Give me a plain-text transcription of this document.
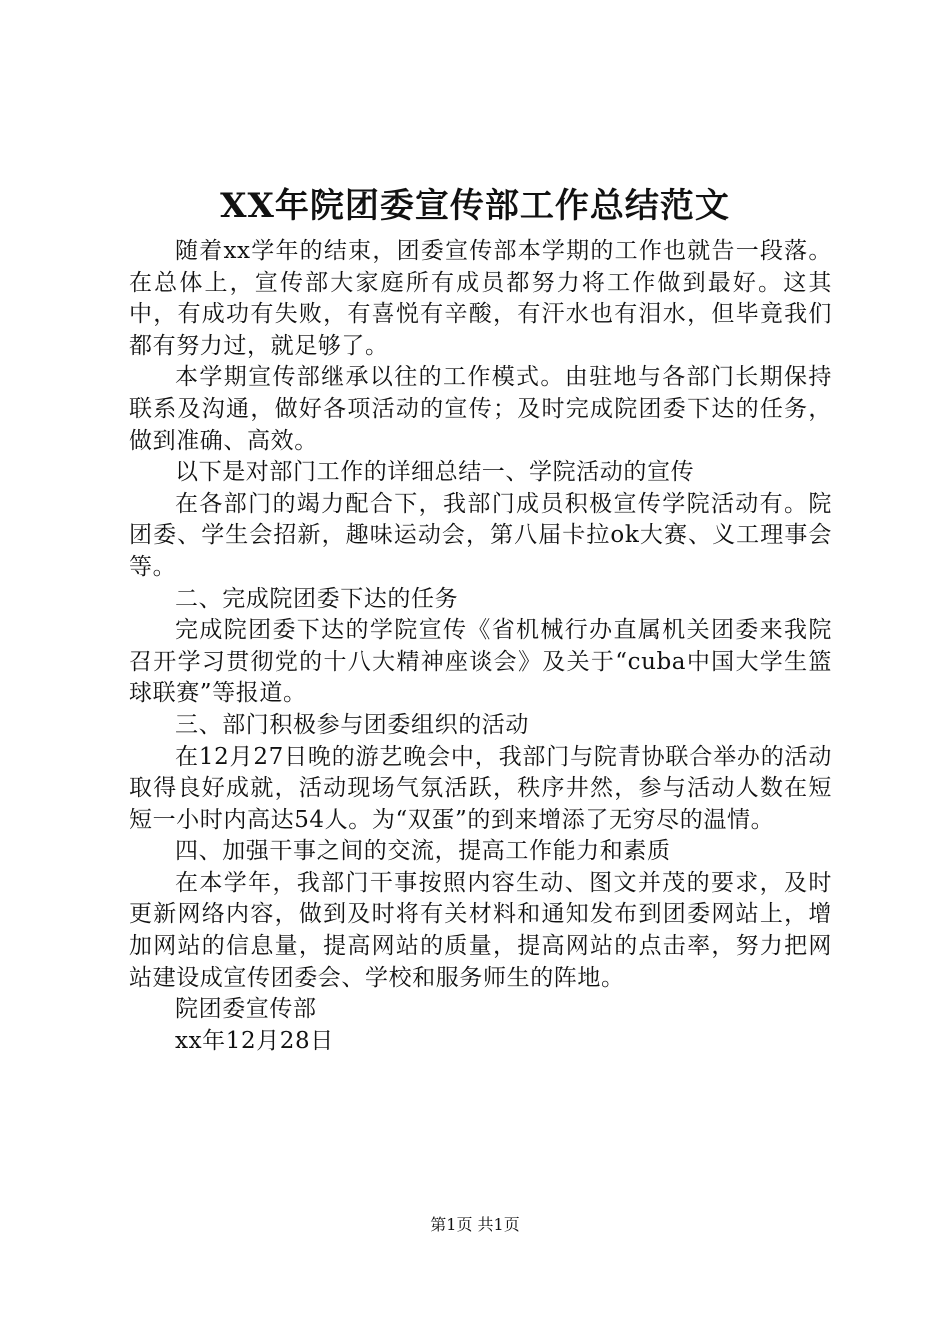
XX年院团委宣传部工作总结范文

随着xx学年的结束，团委宣传部本学期的工作也就告一段落。在总体上，宣传部大家庭所有成员都努力将工作做到最好。这其中，有成功有失败，有喜悦有辛酸，有汗水也有泪水，但毕竟我们都有努力过，就足够了。

本学期宣传部继承以往的工作模式。由驻地与各部门长期保持联系及沟通，做好各项活动的宣传；及时完成院团委下达的任务，做到准确、高效。

以下是对部门工作的详细总结一、学院活动的宣传

在各部门的竭力配合下，我部门成员积极宣传学院活动有。院团委、学生会招新，趣味运动会，第八届卡拉ok大赛、义工理事会等。

二、完成院团委下达的任务

完成院团委下达的学院宣传《省机械行办直属机关团委来我院召开学习贯彻党的十八大精神座谈会》及关于“cuba中国大学生篮球联赛”等报道。

三、部门积极参与团委组织的活动

在12月27日晚的游艺晚会中，我部门与院青协联合举办的活动取得良好成就，活动现场气氛活跃，秩序井然，参与活动人数在短短一小时内高达54人。为“双蛋”的到来增添了无穷尽的温情。

四、加强干事之间的交流，提高工作能力和素质

在本学年，我部门干事按照内容生动、图文并茂的要求，及时更新网络内容，做到及时将有关材料和通知发布到团委网站上，增加网站的信息量，提高网站的质量，提高网站的点击率，努力把网站建设成宣传团委会、学校和服务师生的阵地。

院团委宣传部

xx年12月28日

第1页 共1页
